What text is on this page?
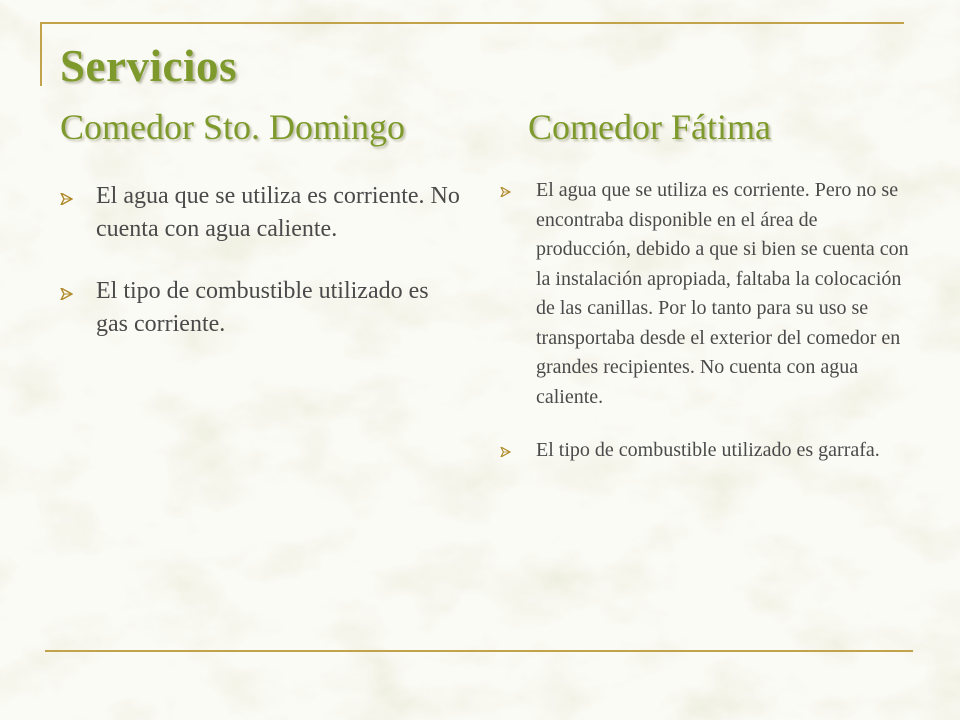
Servicios
Comedor Sto. Domingo	Comedor Fátima
El agua que se utiliza es corriente. No cuenta con agua caliente.
El tipo de combustible utilizado es gas corriente.
El agua que se utiliza es corriente. Pero no se encontraba disponible en el área de producción, debido a que si bien se cuenta con la instalación apropiada, faltaba la colocación de las canillas. Por lo tanto para su uso se transportaba desde el exterior del comedor en grandes recipientes. No cuenta con agua caliente.
El tipo de combustible utilizado es garrafa.
